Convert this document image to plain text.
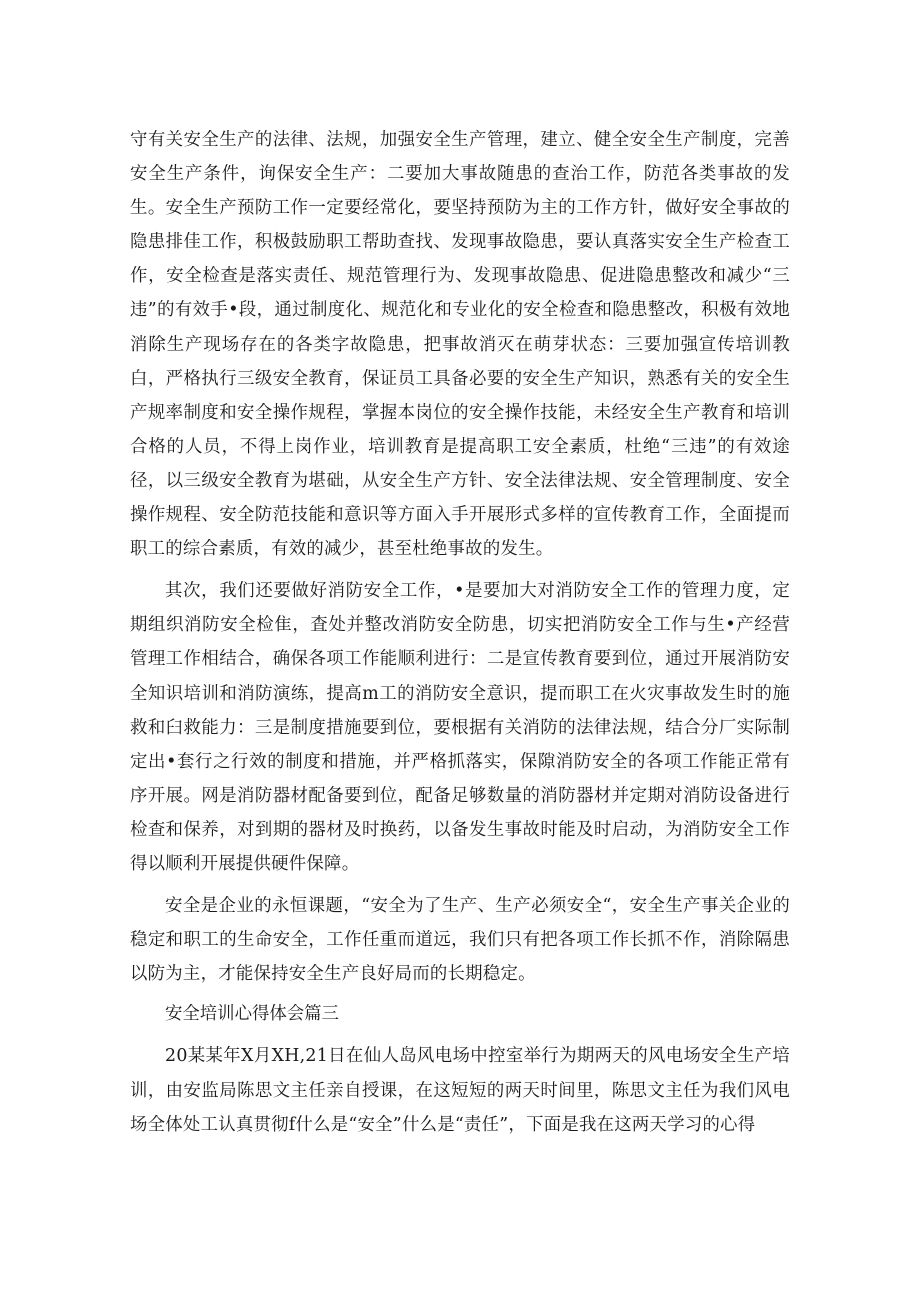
守有关安全生产的法律、法规，加强安全生产管理，建立、健全安全生产制度，完善安全生产条件，询保安全生产：二要加大事故随患的查治工作，防范各类事故的发生。安全生产预防工作一定要经常化，要坚持预防为主的工作方针，做好安全事故的隐患排佳工作，积极鼓励职工帮助查找、发现事故隐患，要认真落实安全生产检查工作，安全检查是落实责任、规范管理行为、发现事故隐患、促进隐患整改和减少“三违”的有效手•段，通过制度化、规范化和专业化的安全检查和隐患整改，积极有效地消除生产现场存在的各类字故隐患，把事故消灭在萌芽状态：三要加强宣传培训教白，严格执行三级安全教育，保证员工具备必要的安全生产知识，熟悉有关的安全生产规率制度和安全操作规程，掌握本岗位的安全操作技能，未经安全生产教育和培训合格的人员，不得上岗作业，培训教育是提高职工安全素质，杜绝“三违”的有效途径，以三级安全教育为堪础，从安全生产方针、安全法律法规、安全管理制度、安全操作规程、安全防范技能和意识等方面入手开展形式多样的宣传教育工作，全面提而职工的综合素质，有效的减少，甚至杜绝事故的发生。

其次，我们还要做好消防安全工作，•是要加大对消防安全工作的管理力度，定期组织消防安全检隹，査处并整改消防安全防患，切实把消防安全工作与生•产经营管理工作相结合，确保各项工作能顺利进行：二是宣传教育要到位，通过开展消防安全知识培训和消防演练，提高m工的消防安全意识，提而职工在火灾事故发生时的施救和臼救能力：三是制度措施要到位，要根据有关消防的法律法规，结合分厂实际制定出•套行之行效的制度和措施，并严格抓落实，保隙消防安全的各项工作能正常有序开展。网是消防器材配备要到位，配备足够数量的消防器材并定期对消防设备进行检查和保养，对到期的器材及时换药，以备发生事故时能及时启动，为消防安全工作得以顺利开展提供硬件保障。

安全是企业的永恒课题，“安全为了生产、生产必须安全“，安全生产事关企业的稳定和职工的生命安全，工作任重而道远，我们只有把各项工作长抓不作，消除隔患以防为主，才能保持安全生产良好局而的长期稳定。

安全培训心得体会篇三

20某某年X月XH,21日在仙人岛风电场中控室举行为期两天的风电场安全生产培训，由安监局陈思文主任亲自授课，在这短短的两天时间里，陈思文主任为我们风电场全体处工认真贯彻f什么是“安全”什么是“责任”，下面是我在这两天学习的心得
